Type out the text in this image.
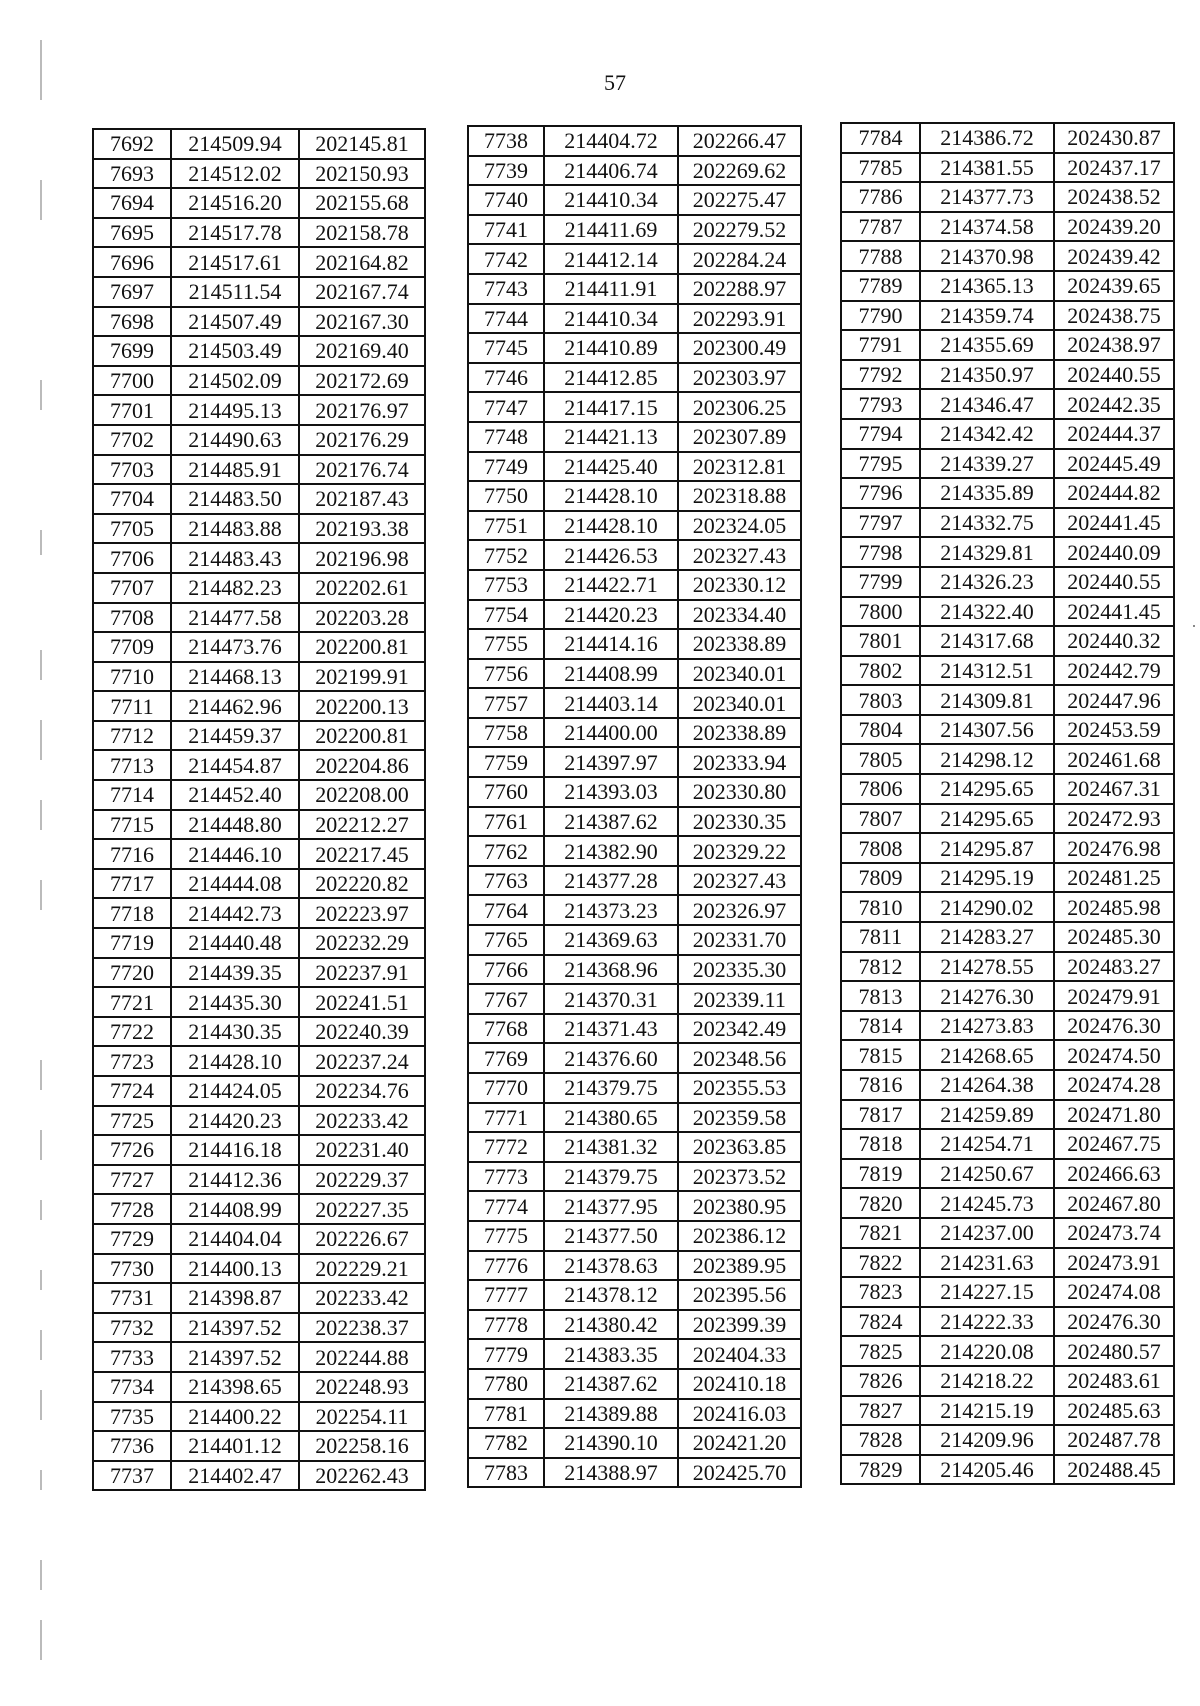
57
7692	214509.94	202145.81
7693	214512.02	202150.93
7694	214516.20	202155.68
7695	214517.78	202158.78
7696	214517.61	202164.82
7697	214511.54	202167.74
7698	214507.49	202167.30
7699	214503.49	202169.40
7700	214502.09	202172.69
7701	214495.13	202176.97
7702	214490.63	202176.29
7703	214485.91	202176.74
7704	214483.50	202187.43
7705	214483.88	202193.38
7706	214483.43	202196.98
7707	214482.23	202202.61
7708	214477.58	202203.28
7709	214473.76	202200.81
7710	214468.13	202199.91
7711	214462.96	202200.13
7712	214459.37	202200.81
7713	214454.87	202204.86
7714	214452.40	202208.00
7715	214448.80	202212.27
7716	214446.10	202217.45
7717	214444.08	202220.82
7718	214442.73	202223.97
7719	214440.48	202232.29
7720	214439.35	202237.91
7721	214435.30	202241.51
7722	214430.35	202240.39
7723	214428.10	202237.24
7724	214424.05	202234.76
7725	214420.23	202233.42
7726	214416.18	202231.40
7727	214412.36	202229.37
7728	214408.99	202227.35
7729	214404.04	202226.67
7730	214400.13	202229.21
7731	214398.87	202233.42
7732	214397.52	202238.37
7733	214397.52	202244.88
7734	214398.65	202248.93
7735	214400.22	202254.11
7736	214401.12	202258.16
7737	214402.47	202262.43
7738	214404.72	202266.47
7739	214406.74	202269.62
7740	214410.34	202275.47
7741	214411.69	202279.52
7742	214412.14	202284.24
7743	214411.91	202288.97
7744	214410.34	202293.91
7745	214410.89	202300.49
7746	214412.85	202303.97
7747	214417.15	202306.25
7748	214421.13	202307.89
7749	214425.40	202312.81
7750	214428.10	202318.88
7751	214428.10	202324.05
7752	214426.53	202327.43
7753	214422.71	202330.12
7754	214420.23	202334.40
7755	214414.16	202338.89
7756	214408.99	202340.01
7757	214403.14	202340.01
7758	214400.00	202338.89
7759	214397.97	202333.94
7760	214393.03	202330.80
7761	214387.62	202330.35
7762	214382.90	202329.22
7763	214377.28	202327.43
7764	214373.23	202326.97
7765	214369.63	202331.70
7766	214368.96	202335.30
7767	214370.31	202339.11
7768	214371.43	202342.49
7769	214376.60	202348.56
7770	214379.75	202355.53
7771	214380.65	202359.58
7772	214381.32	202363.85
7773	214379.75	202373.52
7774	214377.95	202380.95
7775	214377.50	202386.12
7776	214378.63	202389.95
7777	214378.12	202395.56
7778	214380.42	202399.39
7779	214383.35	202404.33
7780	214387.62	202410.18
7781	214389.88	202416.03
7782	214390.10	202421.20
7783	214388.97	202425.70
7784	214386.72	202430.87
7785	214381.55	202437.17
7786	214377.73	202438.52
7787	214374.58	202439.20
7788	214370.98	202439.42
7789	214365.13	202439.65
7790	214359.74	202438.75
7791	214355.69	202438.97
7792	214350.97	202440.55
7793	214346.47	202442.35
7794	214342.42	202444.37
7795	214339.27	202445.49
7796	214335.89	202444.82
7797	214332.75	202441.45
7798	214329.81	202440.09
7799	214326.23	202440.55
7800	214322.40	202441.45
7801	214317.68	202440.32
7802	214312.51	202442.79
7803	214309.81	202447.96
7804	214307.56	202453.59
7805	214298.12	202461.68
7806	214295.65	202467.31
7807	214295.65	202472.93
7808	214295.87	202476.98
7809	214295.19	202481.25
7810	214290.02	202485.98
7811	214283.27	202485.30
7812	214278.55	202483.27
7813	214276.30	202479.91
7814	214273.83	202476.30
7815	214268.65	202474.50
7816	214264.38	202474.28
7817	214259.89	202471.80
7818	214254.71	202467.75
7819	214250.67	202466.63
7820	214245.73	202467.80
7821	214237.00	202473.74
7822	214231.63	202473.91
7823	214227.15	202474.08
7824	214222.33	202476.30
7825	214220.08	202480.57
7826	214218.22	202483.61
7827	214215.19	202485.63
7828	214209.96	202487.78
7829	214205.46	202488.45
